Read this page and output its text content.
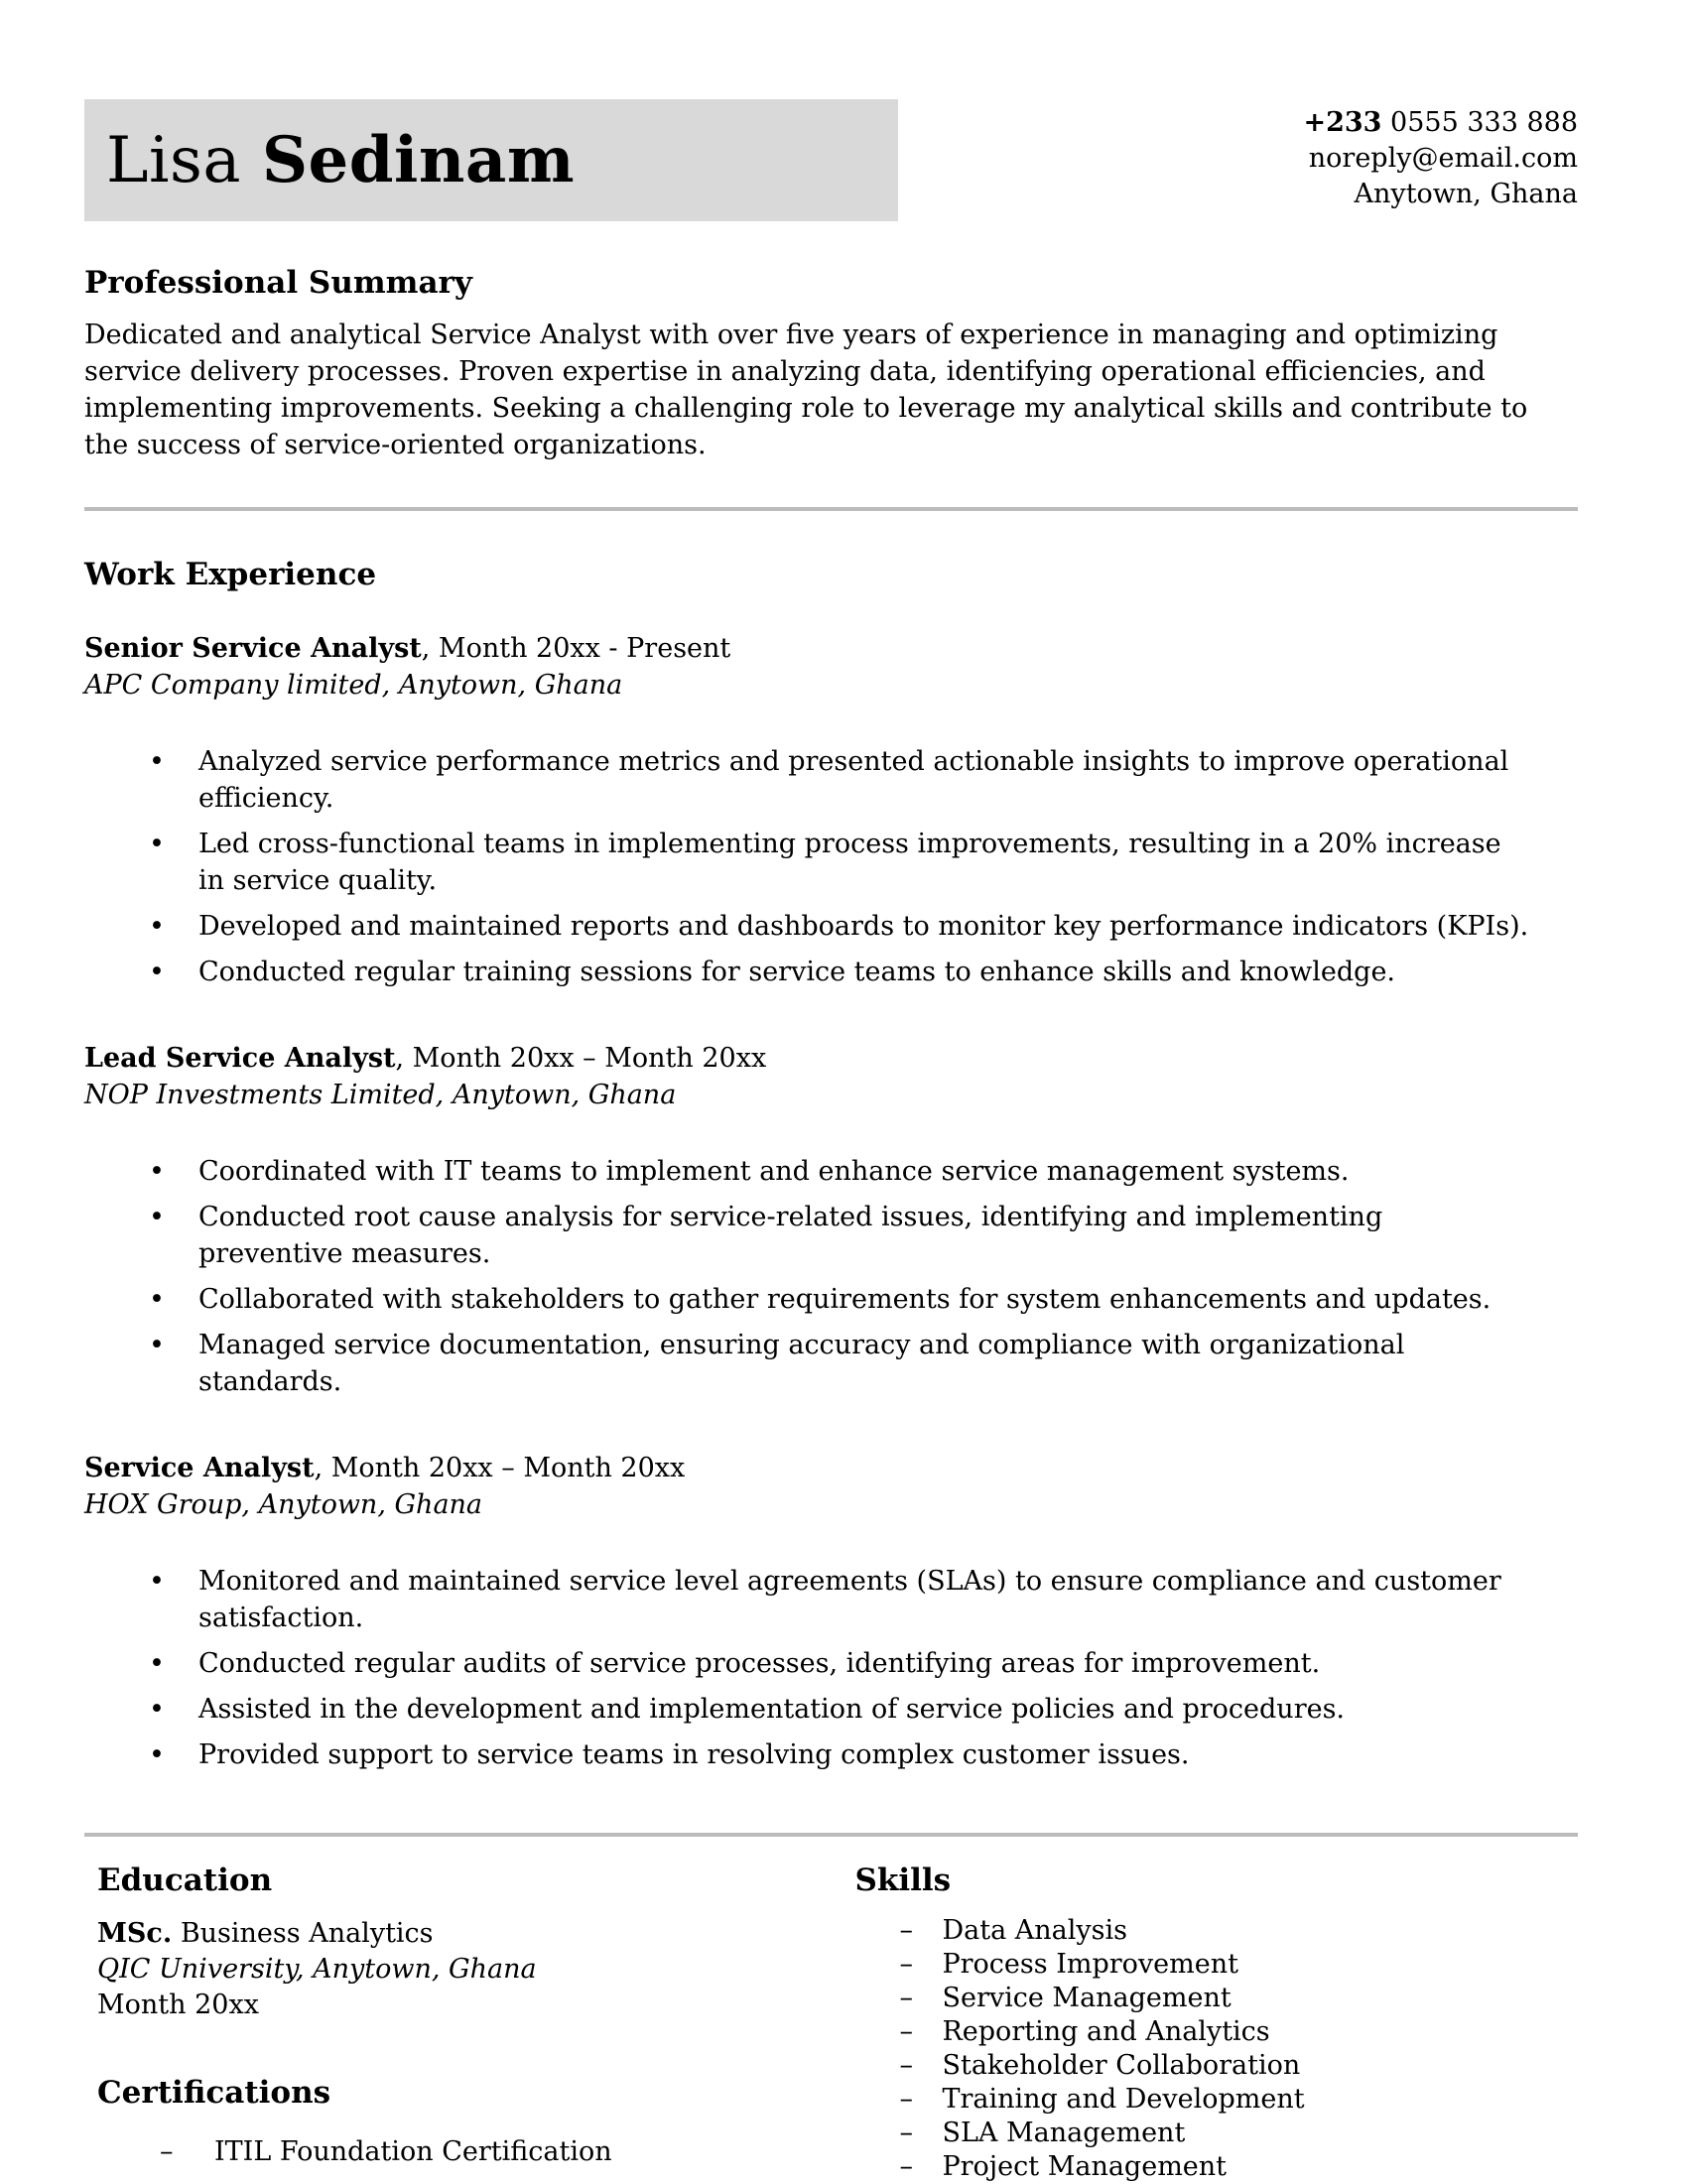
Lisa Sedinam
+233 0555 333 888
noreply@email.com
Anytown, Ghana
Professional Summary

Dedicated and analytical Service Analyst with over five years of experience in managing and optimizing service delivery processes. Proven expertise in analyzing data, identifying operational efficiencies, and implementing improvements. Seeking a challenging role to leverage my analytical skills and contribute to the success of service-oriented organizations.

Work Experience
Senior Service Analyst, Month 20xx - Present
APC Company limited, Anytown, Ghana
• Analyzed service performance metrics and presented actionable insights to improve operational efficiency.
• Led cross-functional teams in implementing process improvements, resulting in a 20% increase in service quality.
• Developed and maintained reports and dashboards to monitor key performance indicators (KPIs).
• Conducted regular training sessions for service teams to enhance skills and knowledge.
Lead Service Analyst, Month 20xx – Month 20xx
NOP Investments Limited, Anytown, Ghana
• Coordinated with IT teams to implement and enhance service management systems.
• Conducted root cause analysis for service-related issues, identifying and implementing preventive measures.
• Collaborated with stakeholders to gather requirements for system enhancements and updates.
• Managed service documentation, ensuring accuracy and compliance with organizational standards.
Service Analyst, Month 20xx – Month 20xx
HOX Group, Anytown, Ghana
• Monitored and maintained service level agreements (SLAs) to ensure compliance and customer satisfaction.
• Conducted regular audits of service processes, identifying areas for improvement.
• Assisted in the development and implementation of service policies and procedures.
• Provided support to service teams in resolving complex customer issues.
Education
MSc. Business Analytics
QIC University, Anytown, Ghana
Month 20xx
Certifications
– ITIL Foundation Certification
Skills
– Data Analysis
– Process Improvement
– Service Management
– Reporting and Analytics
– Stakeholder Collaboration
– Training and Development
– SLA Management
– Project Management
